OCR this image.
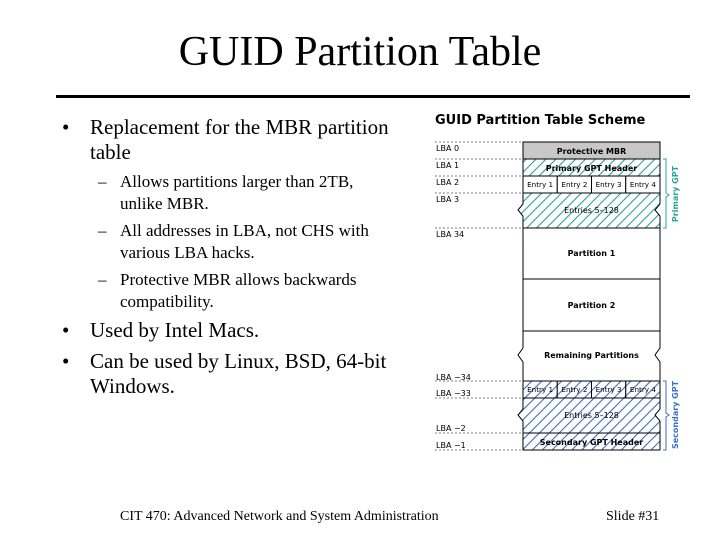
GUID Partition Table
• Replacement for the MBR partition table
– Allows partitions larger than 2TB, unlike MBR.
– All addresses in LBA, not CHS with various LBA hacks.
– Protective MBR allows backwards compatibility.
• Used by Intel Macs.
• Can be used by Linux, BSD, 64-bit Windows.
GUID Partition Table Scheme
LBA 0
LBA 1
LBA 2
LBA 3
LBA 34
LBA −34
LBA −33
LBA −2
LBA −1
Protective MBR
Primary GPT Header
Entry 1 Entry 2 Entry 3 Entry 4
Entries 5–128
Partition 1
Partition 2
Remaining Partitions
Entry 1 Entry 2 Entry 3 Entry 4
Entries 5–128
Secondary GPT Header
Primary GPT
Secondary GPT
CIT 470: Advanced Network and System Administration	Slide #31
